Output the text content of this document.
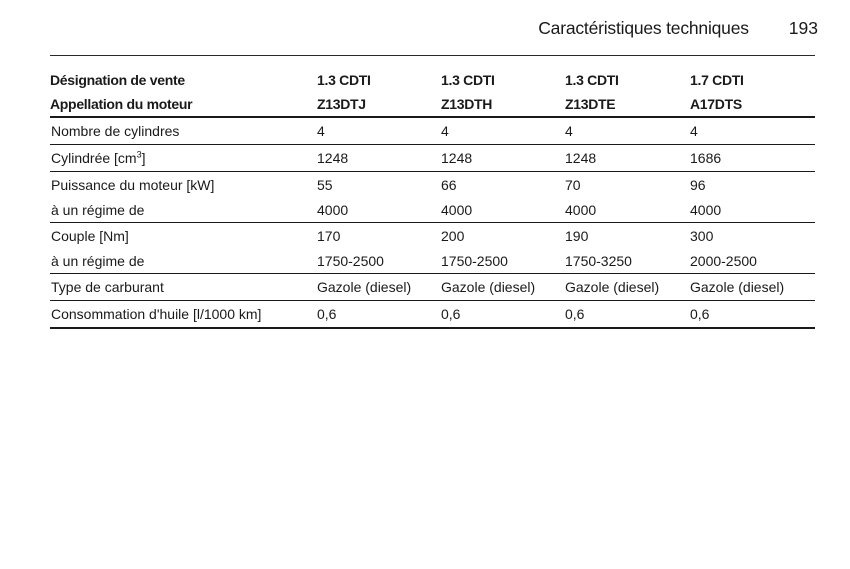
Caractéristiques techniques 193
Désignation de vente	1.3 CDTI	1.3 CDTI	1.3 CDTI	1.7 CDTI
Appellation du moteur	Z13DTJ	Z13DTH	Z13DTE	A17DTS
Nombre de cylindres	4	4	4	4
Cylindrée $[cm^3]$	1248	1248	1248	1686
Puissance du moteur [kW]	55	66	70	96
à un régime de	4000	4000	4000	4000
Couple [Nm]	170	200	190	300
à un régime de	1750-2500	1750-2500	1750-3250	2000-2500
Type de carburant	Gazole (diesel)	Gazole (diesel)	Gazole (diesel)	Gazole (diesel)
Consommation d'huile [l/1000 km]	0,6	0,6	0,6	0,6
